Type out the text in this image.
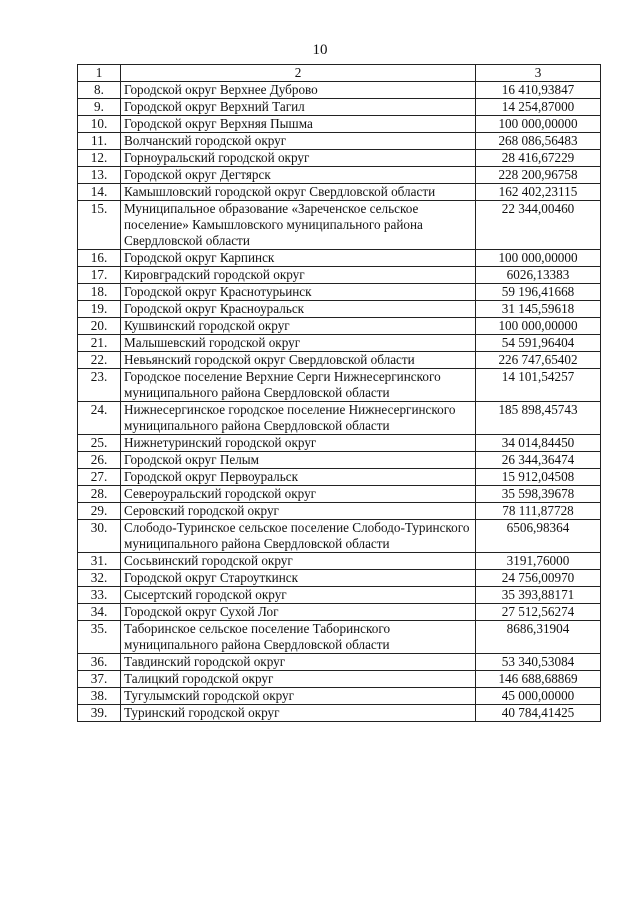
10
1	2	3
8.	Городской округ Верхнее Дуброво	16 410,93847
9.	Городской округ Верхний Тагил	14 254,87000
10.	Городской округ Верхняя Пышма	100 000,00000
11.	Волчанский городской округ	268 086,56483
12.	Горноуральский городской округ	28 416,67229
13.	Городской округ Дегтярск	228 200,96758
14.	Камышловский городской округ Свердловской области	162 402,23115
15.	Муниципальное образование «Зареченское сельское поселение» Камышловского муниципального района Свердловской области	22 344,00460
16.	Городской округ Карпинск	100 000,00000
17.	Кировградский городской округ	6026,13383
18.	Городской округ Краснотурьинск	59 196,41668
19.	Городской округ Красноуральск	31 145,59618
20.	Кушвинский городской округ	100 000,00000
21.	Малышевский городской округ	54 591,96404
22.	Невьянский городской округ Свердловской области	226 747,65402
23.	Городское поселение Верхние Серги Нижнесергинского муниципального района Свердловской области	14 101,54257
24.	Нижнесергинское городское поселение Нижнесергинского муниципального района Свердловской области	185 898,45743
25.	Нижнетуринский городской округ	34 014,84450
26.	Городской округ Пелым	26 344,36474
27.	Городской округ Первоуральск	15 912,04508
28.	Североуральский городской округ	35 598,39678
29.	Серовский городской округ	78 111,87728
30.	Слободо-Туринское сельское поселение Слободо-Туринского муниципального района Свердловской области	6506,98364
31.	Сосьвинский городской округ	3191,76000
32.	Городской округ Староуткинск	24 756,00970
33.	Сысертский городской округ	35 393,88171
34.	Городской округ Сухой Лог	27 512,56274
35.	Таборинское сельское поселение Таборинского муниципального района Свердловской области	8686,31904
36.	Тавдинский городской округ	53 340,53084
37.	Талицкий городской округ	146 688,68869
38.	Тугулымский городской округ	45 000,00000
39.	Туринский городской округ	40 784,41425
